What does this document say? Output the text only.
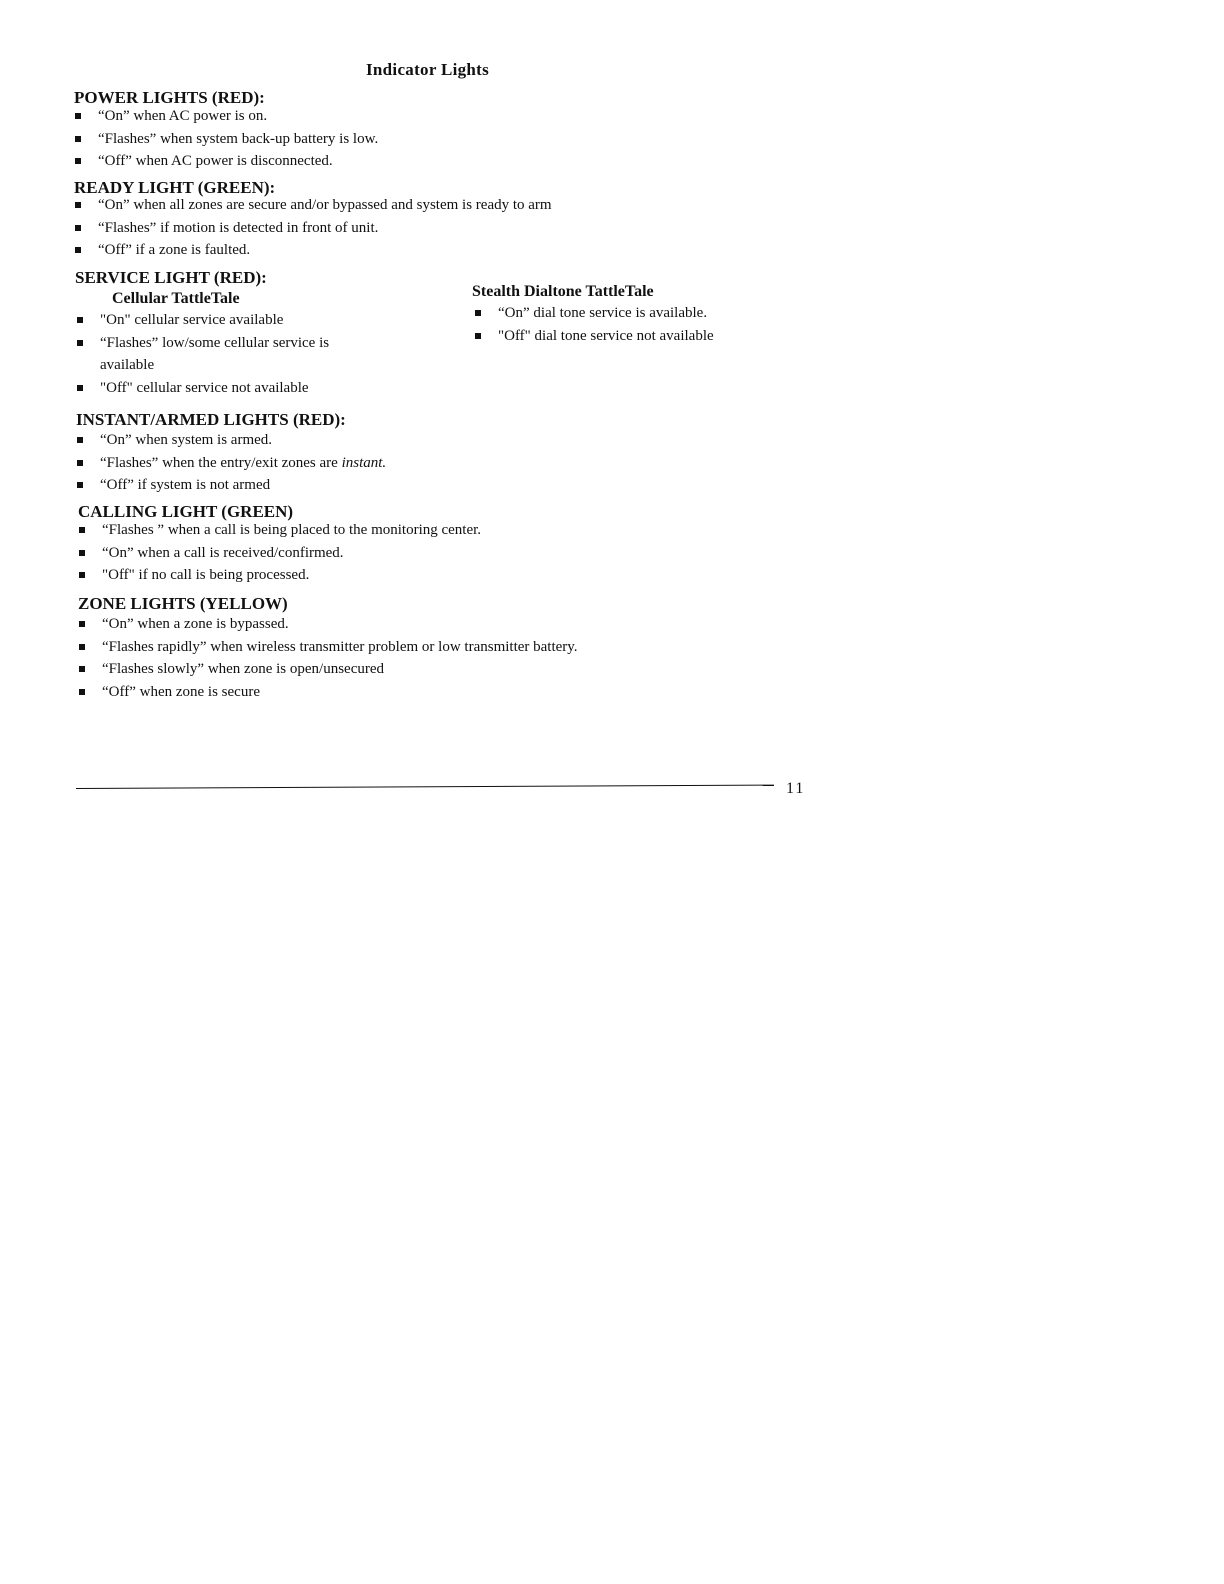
Indicator Lights
POWER LIGHTS (RED):
“On” when AC power is on.
“Flashes” when system back-up battery is low.
“Off” when AC power is disconnected.
READY LIGHT (GREEN):
“On” when all zones are secure and/or bypassed and system is ready to arm
“Flashes” if motion is detected in front of unit.
“Off” if a zone is faulted.
SERVICE LIGHT (RED):
Cellular TattleTale
"On" cellular service available
“Flashes” low/some cellular service is available
"Off" cellular service not available
Stealth Dialtone TattleTale
“On” dial tone service is available.
"Off" dial tone service not available
INSTANT/ARMED LIGHTS (RED):
“On” when system is armed.
“Flashes” when the entry/exit zones are instant.
“Off” if system is not armed
CALLING LIGHT (GREEN)
“Flashes ” when a call is being placed to the monitoring center.
“On” when a call is received/confirmed.
"Off" if no call is being processed.
ZONE LIGHTS (YELLOW)
“On” when a zone is bypassed.
“Flashes rapidly” when wireless transmitter problem or low transmitter battery.
“Flashes slowly” when zone is open/unsecured
“Off” when zone is secure
11
